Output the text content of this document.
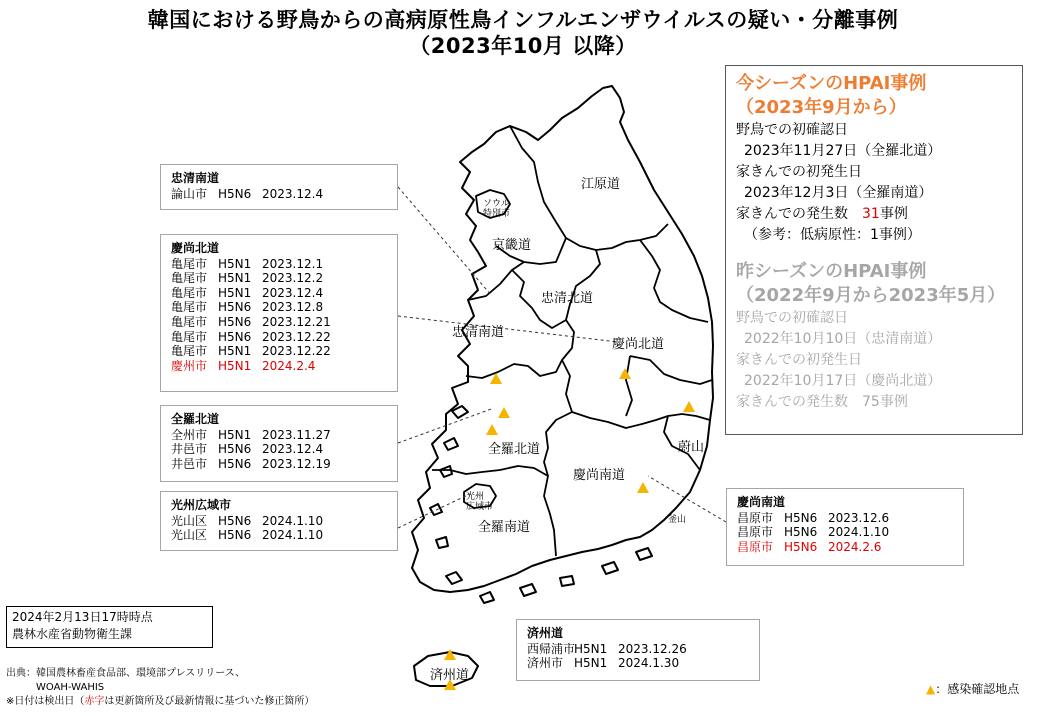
韓国における野鳥からの高病原性鳥インフルエンザウイルスの疑い・分離事例
（2023年10月 以降）
江原道
京畿道
ソウル
特別市
忠清北道
忠清南道
慶尚北道
全羅北道	蔚山
慶尚南道
釜山
光州
広域市
全羅南道
済州道
忠清南道
論山市 H5N6 2023.12.4
慶尚北道
亀尾市 H5N1 2023.12.1
亀尾市 H5N1 2023.12.2
亀尾市 H5N1 2023.12.4
亀尾市 H5N6 2023.12.8
亀尾市 H5N6 2023.12.21
亀尾市 H5N6 2023.12.22
亀尾市 H5N1 2023.12.22
慶州市 H5N1 2024.2.4
全羅北道
全州市 H5N1 2023.11.27
井邑市 H5N6 2023.12.4
井邑市 H5N6 2023.12.19
光州広域市
光山区 H5N6 2024.1.10
光山区 H5N6 2024.1.10
慶尚南道
昌原市 H5N6 2023.12.6
昌原市 H5N6 2024.1.10
昌原市 H5N6 2024.2.6
済州道
西帰浦市H5N1 2023.12.26
済州市 H5N1 2024.1.30
今シーズンのHPAI事例
（2023年9月から）
野鳥での初確認日
2023年11月27日（全羅北道）
家きんでの初発生日
2023年12月3日（全羅南道）
家きんでの発生数　 31事例
（参考：低病原性：1事例）
昨シーズンのHPAI事例
（2022年9月から2023年5月）
野鳥での初確認日
2022年10月10日（忠清南道）
家きんでの初発生日
2022年10月17日（慶尚北道）
家きんでの発生数　75事例
2024年2月13日17時時点
農林水産省動物衛生課
出典：韓国農林畜産食品部、環境部プレスリリース、
　　　WOAH-WAHIS
※日付は検出日（赤字は更新箇所及び最新情報に基づいた修正箇所）
▲：感染確認地点
